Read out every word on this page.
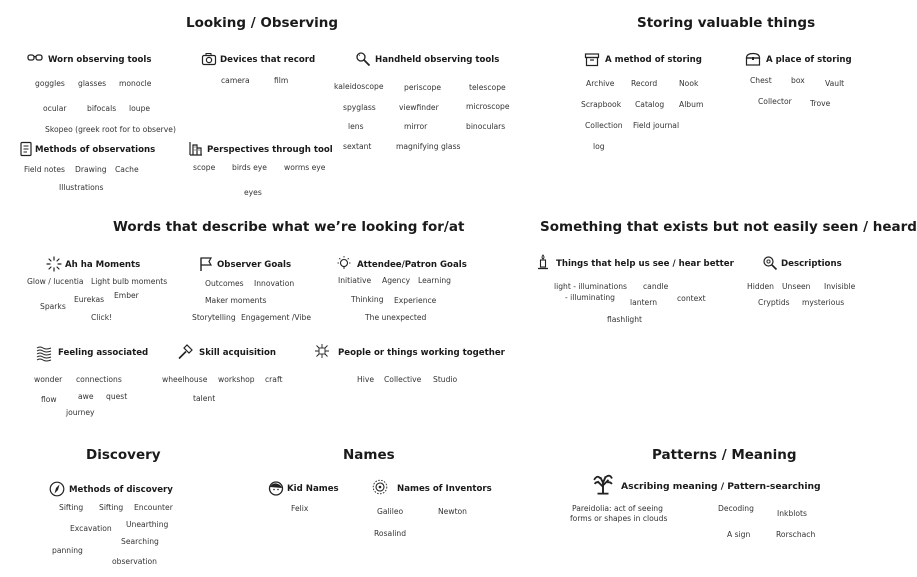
Looking / Observing	Storing valuable things
Words that describe what we’re looking for/at	Something that exists but not easily seen / heard
Discovery	Names	Patterns / Meaning
Worn observing tools
goggles glasses monocle
ocular	bifocals loupe
Skopeo (greek root for to observe)
Devices that record
camera	film
Handheld observing tools
kaleidoscope	periscope	telescope
spyglass	viewfinder	microscope
lens	mirror	binoculars
sextant	magnifying glass
Methods of observations
Field notes Drawing Cache
Illustrations
Perspectives through tool
scope birds eye worms eye
eyes
A method of storing
Archive Record	Nook
Scrapbook Catalog Album
Collection Field journal
log
A place of storing
Chest	box	Vault
Collector Trove
Ah ha Moments
Glow / lucentia Light bulb moments
Eurekas Ember
Sparks
Click!
Observer Goals
Outcomes Innovation
Maker moments
Storytelling Engagement /Vibe
Attendee/Patron Goals
Initiative Agency Learning
Thinking Experience
The unexpected
Feeling associated
wonder connections
awe quest
flow
journey
Skill acquisition
wheelhouse workshop craft
talent
People or things working together
Hive Collective Studio
Things that help us see / hear better
light - illuminations
- illuminating
candle
lantern	context
flashlight
Descriptions
Hidden Unseen Invisible
Cryptids mysterious
Methods of discovery
Sifting Sifting Encounter
Excavation Unearthing
Searching
panning
observation
Kid Names
Felix
Names of Inventors
Galileo	Newton
Rosalind
Ascribing meaning / Pattern-searching
Pareidolia: act of seeing
forms or shapes in clouds
Decoding
Inkblots
A sign	Rorschach
